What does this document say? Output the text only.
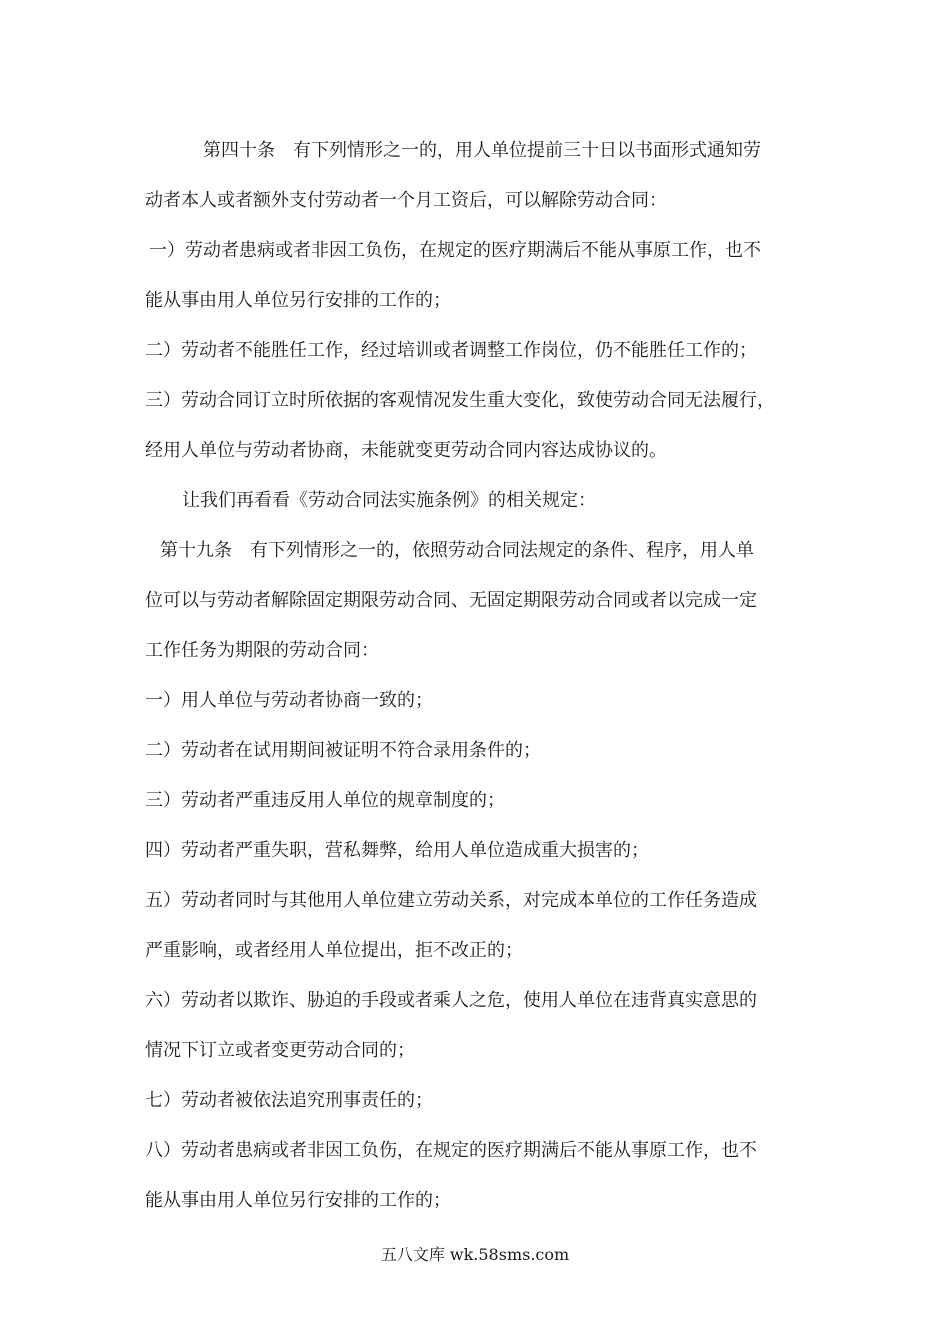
第四十条　有下列情形之一的，用人单位提前三十日以书面形式通知劳
动者本人或者额外支付劳动者一个月工资后，可以解除劳动合同：
一）劳动者患病或者非因工负伤，在规定的医疗期满后不能从事原工作，也不
能从事由用人单位另行安排的工作的；
二）劳动者不能胜任工作，经过培训或者调整工作岗位，仍不能胜任工作的；
三）劳动合同订立时所依据的客观情况发生重大变化，致使劳动合同无法履行，
经用人单位与劳动者协商，未能就变更劳动合同内容达成协议的。
让我们再看看《劳动合同法实施条例》的相关规定：
第十九条　有下列情形之一的，依照劳动合同法规定的条件、程序，用人单
位可以与劳动者解除固定期限劳动合同、无固定期限劳动合同或者以完成一定
工作任务为期限的劳动合同：
一）用人单位与劳动者协商一致的；
二）劳动者在试用期间被证明不符合录用条件的；
三）劳动者严重违反用人单位的规章制度的；
四）劳动者严重失职，营私舞弊，给用人单位造成重大损害的；
五）劳动者同时与其他用人单位建立劳动关系，对完成本单位的工作任务造成
严重影响，或者经用人单位提出，拒不改正的；
六）劳动者以欺诈、胁迫的手段或者乘人之危，使用人单位在违背真实意思的
情况下订立或者变更劳动合同的；
七）劳动者被依法追究刑事责任的；
八）劳动者患病或者非因工负伤，在规定的医疗期满后不能从事原工作，也不
能从事由用人单位另行安排的工作的；
五八文库 wk.58sms.com
